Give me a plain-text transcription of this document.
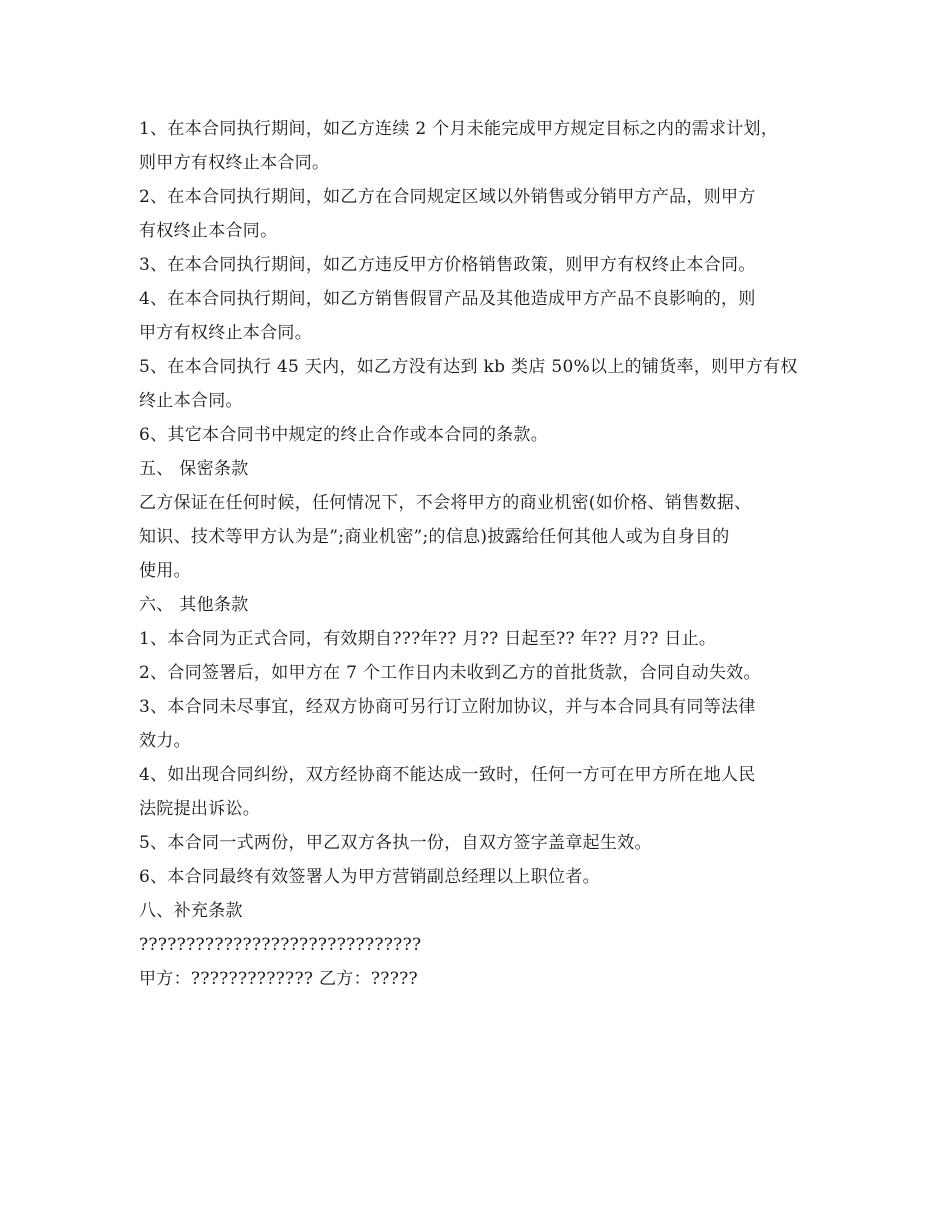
1、在本合同执行期间，如乙方连续 2 个月未能完成甲方规定目标之内的需求计划，
则甲方有权终止本合同。
2、在本合同执行期间，如乙方在合同规定区域以外销售或分销甲方产品，则甲方
有权终止本合同。
3、在本合同执行期间，如乙方违反甲方价格销售政策，则甲方有权终止本合同。
4、在本合同执行期间，如乙方销售假冒产品及其他造成甲方产品不良影响的，则
甲方有权终止本合同。
5、在本合同执行 45 天内，如乙方没有达到 kb 类店 50%以上的铺货率，则甲方有权
终止本合同。
6、其它本合同书中规定的终止合作或本合同的条款。
五、 保密条款
乙方保证在任何时候，任何情况下，不会将甲方的商业机密(如价格、销售数据、
知识、技术等甲方认为是”;商业机密”;的信息)披露给任何其他人或为自身目的
使用。
六、 其他条款
1、本合同为正式合同，有效期自???年?? 月?? 日起至?? 年?? 月?? 日止。
2、合同签署后，如甲方在 7 个工作日内未收到乙方的首批货款，合同自动失效。
3、本合同未尽事宜，经双方协商可另行订立附加协议，并与本合同具有同等法律
效力。
4、如出现合同纠纷，双方经协商不能达成一致时，任何一方可在甲方所在地人民
法院提出诉讼。
5、本合同一式两份，甲乙双方各执一份，自双方签字盖章起生效。
6、本合同最终有效签署人为甲方营销副总经理以上职位者。
八、补充条款
??????????????????????????????
甲方：????????????? 乙方：?????
